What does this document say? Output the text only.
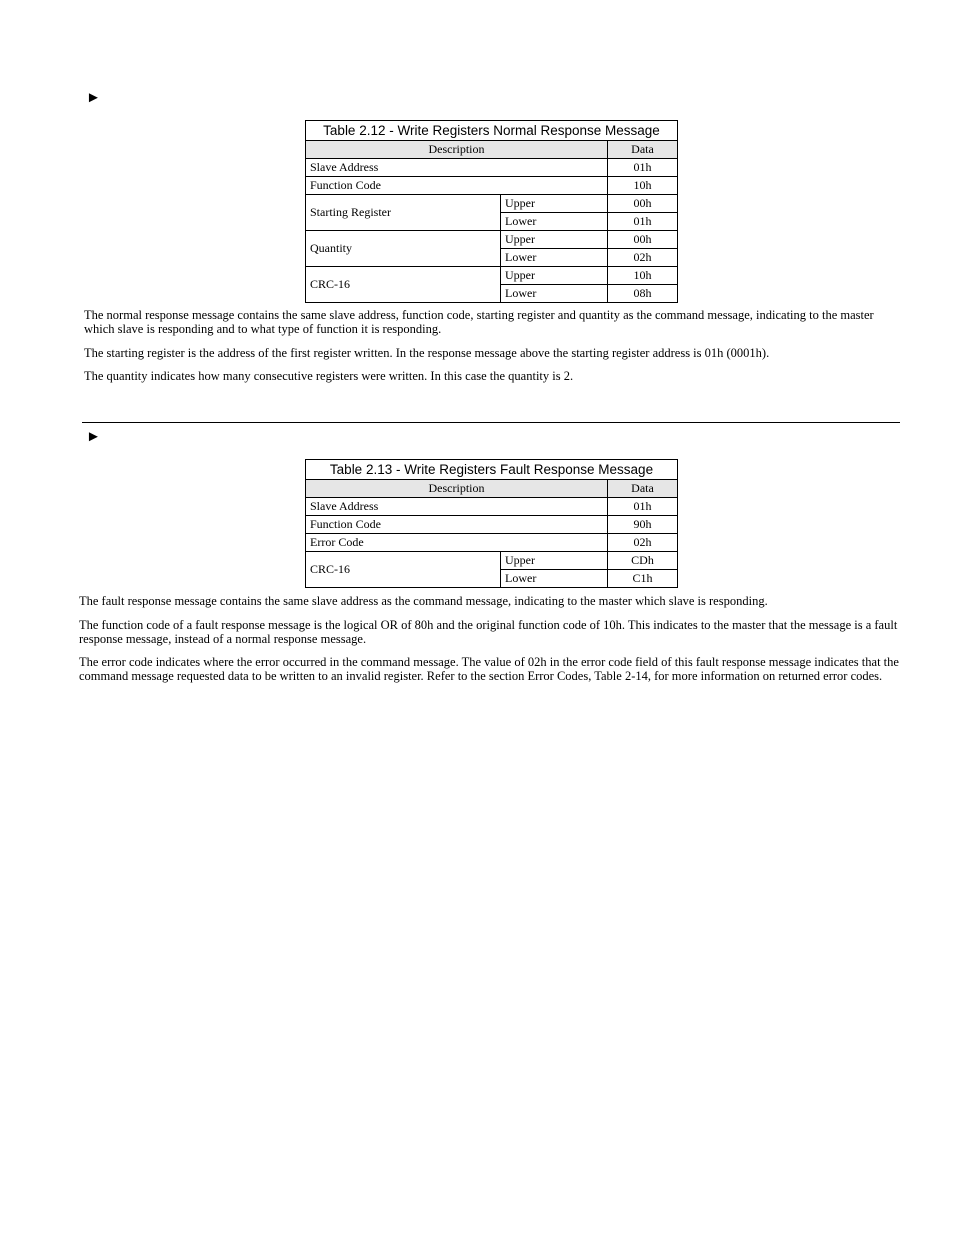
►
Table 2.12 - Write Registers Normal Response Message		
Description		Data
Slave Address		01h
Function Code		10h
Starting Register	Upper	00h
	Lower	01h
Quantity	Upper	00h
	Lower	02h
CRC-16	Upper	10h
	Lower	08h

The normal response message contains the same slave address, function code, starting register and quantity as the command message, indicating to the master which slave is responding and to what type of function it is responding.

The starting register is the address of the first register written. In the response message above the starting register address is 01h (0001h).

The quantity indicates how many consecutive registers were written. In this case the quantity is 2.

►
Table 2.13 - Write Registers Fault Response Message		
Description		Data
Slave Address		01h
Function Code		90h
Error Code		02h
CRC-16	Upper	CDh
	Lower	C1h

The fault response message contains the same slave address as the command message, indicating to the master which slave is responding.

The function code of a fault response message is the logical OR of 80h and the original function code of 10h. This indicates to the master that the message is a fault response message, instead of a normal response message.

The error code indicates where the error occurred in the command message. The value of 02h in the error code field of this fault response message indicates that the command message requested data to be written to an invalid register. Refer to the section Error Codes, Table 2-14, for more information on returned error codes.
